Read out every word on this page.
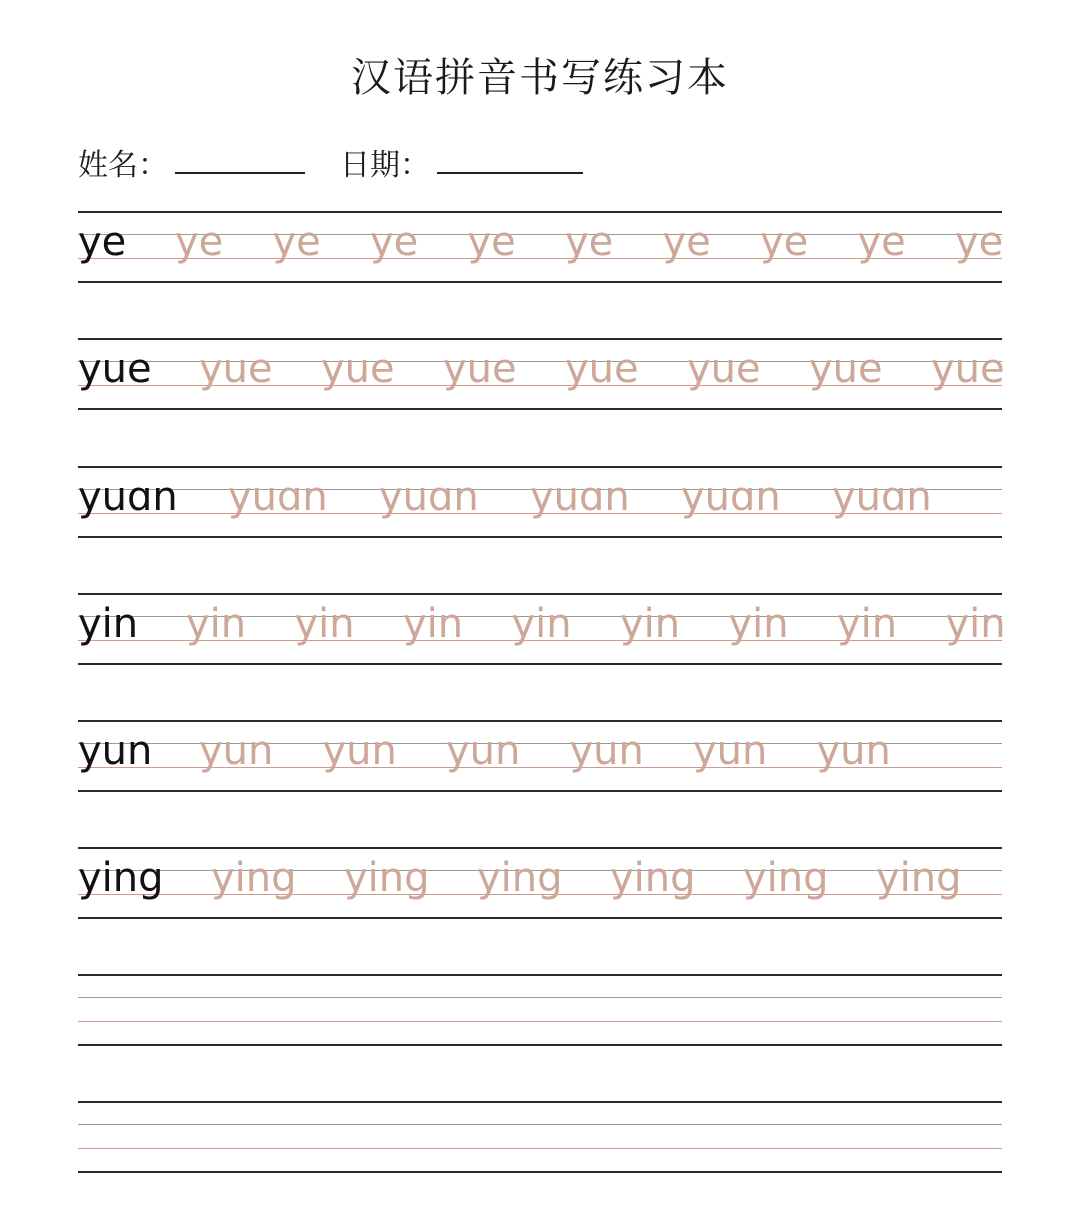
汉语拼音书写练习本
姓名：	日期：
ye ye ye ye ye ye ye ye ye ye
yue yue yue yue yue yue yue yue
yuɑn yuɑn yuɑn yuɑn yuɑn yuɑn
yin yin yin yin yin yin yin yin yin
yun yun yun yun yun yun yun
ying ying ying ying ying ying ying
